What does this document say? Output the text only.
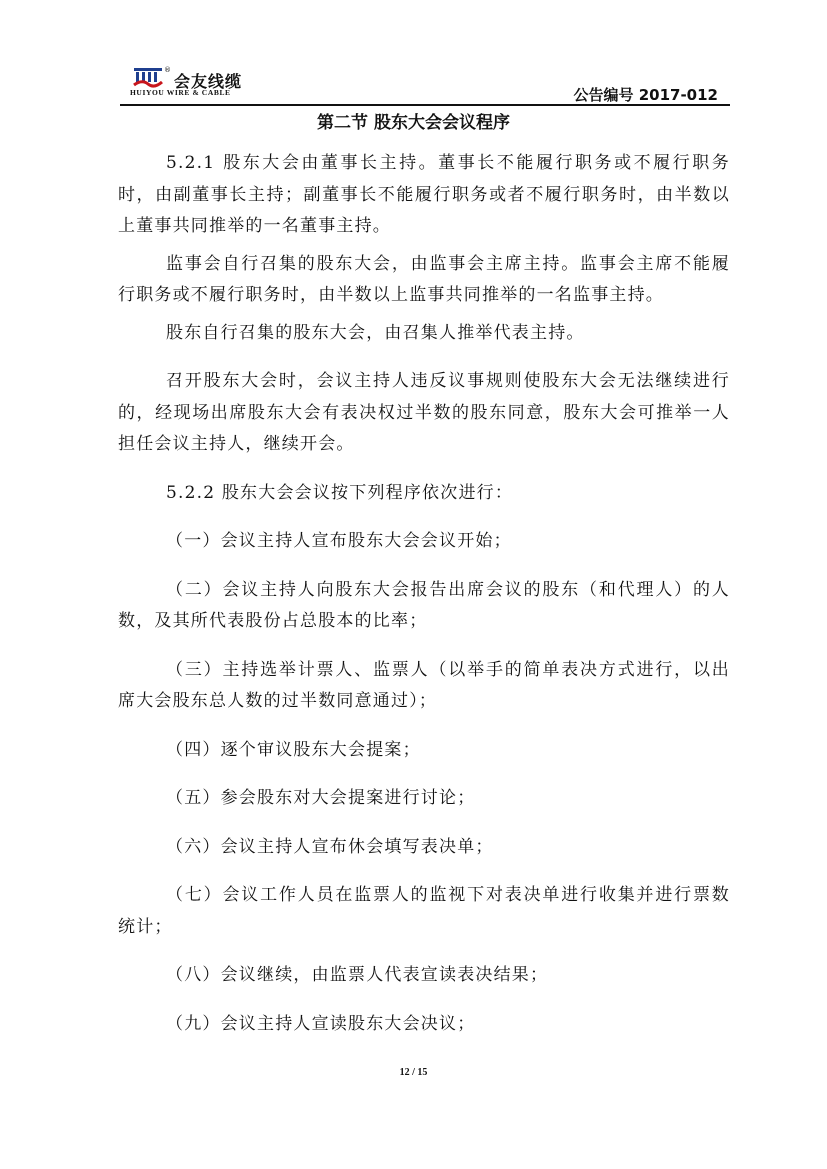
®
会友线缆
HUIYOU WIRE & CABLE	公告编号 2017-012
第二节 股东大会会议程序

5.2.1 股东大会由董事长主持。董事长不能履行职务或不履行职务时，由副董事长主持；副董事长不能履行职务或者不履行职务时，由半数以上董事共同推举的一名董事主持。

监事会自行召集的股东大会，由监事会主席主持。监事会主席不能履行职务或不履行职务时，由半数以上监事共同推举的一名监事主持。

股东自行召集的股东大会，由召集人推举代表主持。

召开股东大会时，会议主持人违反议事规则使股东大会无法继续进行的，经现场出席股东大会有表决权过半数的股东同意，股东大会可推举一人担任会议主持人，继续开会。

5.2.2 股东大会会议按下列程序依次进行：

（一）会议主持人宣布股东大会会议开始；

（二）会议主持人向股东大会报告出席会议的股东（和代理人）的人数，及其所代表股份占总股本的比率；

（三）主持选举计票人、监票人（以举手的简单表决方式进行，以出席大会股东总人数的过半数同意通过）；

（四）逐个审议股东大会提案；

（五）参会股东对大会提案进行讨论；

（六）会议主持人宣布休会填写表决单；

（七）会议工作人员在监票人的监视下对表决单进行收集并进行票数统计；

（八）会议继续，由监票人代表宣读表决结果；

（九）会议主持人宣读股东大会决议；

12 / 15
